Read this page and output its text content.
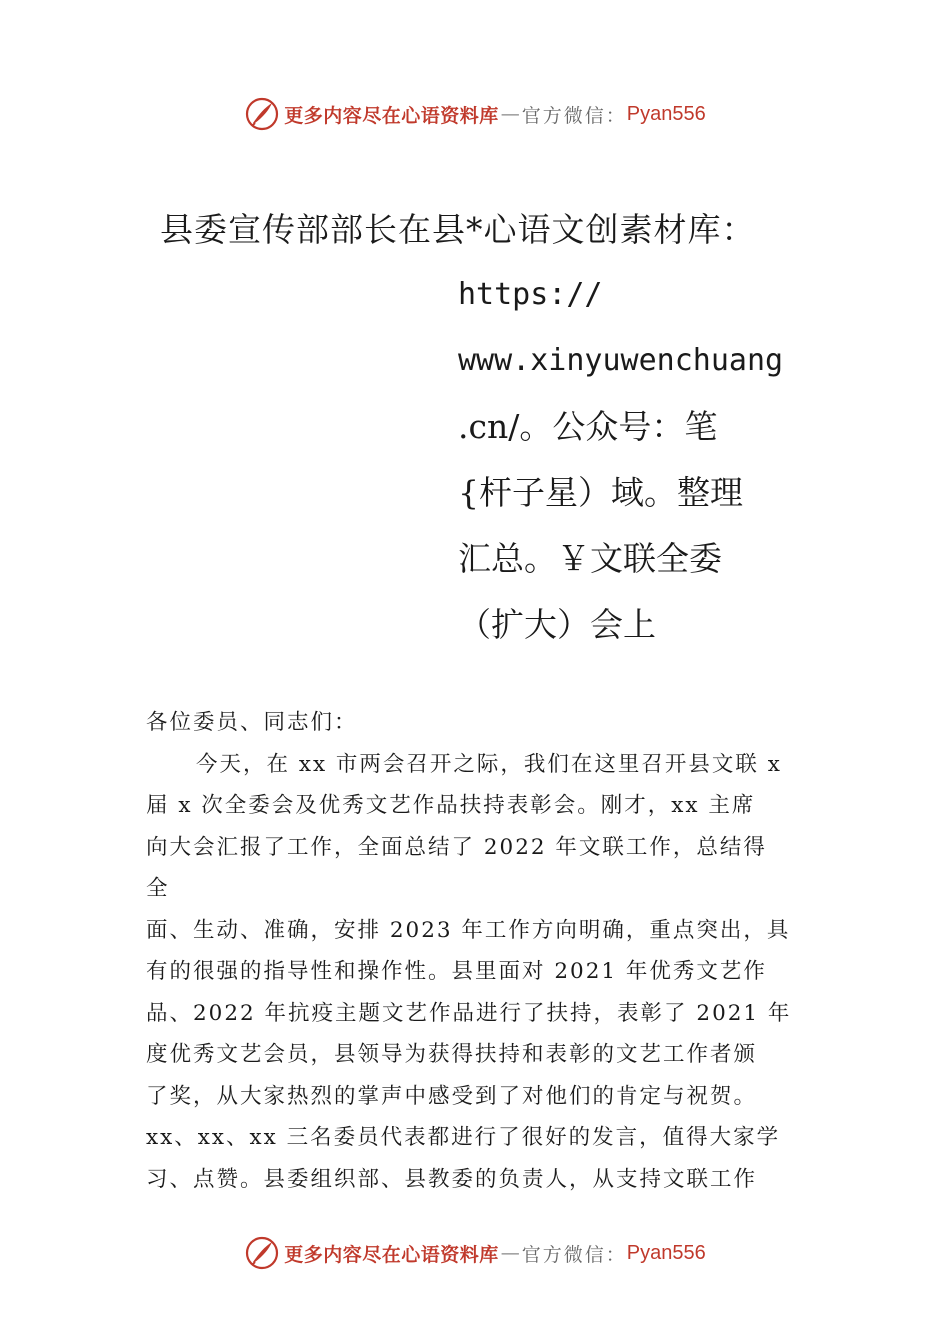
更多内容尽在心语资料库 — 官方微信： Pyan556
县委宣传部部长在县*心语文创素材库：
https://
www.xinyuwenchuang
.cn/。公众号：笔
{杆子星）域。整理
汇总。￥文联全委
（扩大）会上
各位委员、同志们：
今天，在 xx 市两会召开之际，我们在这里召开县文联 x
届 x 次全委会及优秀文艺作品扶持表彰会。刚才，xx 主席
向大会汇报了工作，全面总结了 2022 年文联工作，总结得
全
面、生动、准确，安排 2023 年工作方向明确，重点突出，具
有的很强的指导性和操作性。县里面对 2021 年优秀文艺作
品、2022 年抗疫主题文艺作品进行了扶持，表彰了 2021 年
度优秀文艺会员，县领导为获得扶持和表彰的文艺工作者颁
了奖，从大家热烈的掌声中感受到了对他们的肯定与祝贺。
xx、xx、xx 三名委员代表都进行了很好的发言，值得大家学
习、点赞。县委组织部、县教委的负责人，从支持文联工作
更多内容尽在心语资料库 — 官方微信： Pyan556
